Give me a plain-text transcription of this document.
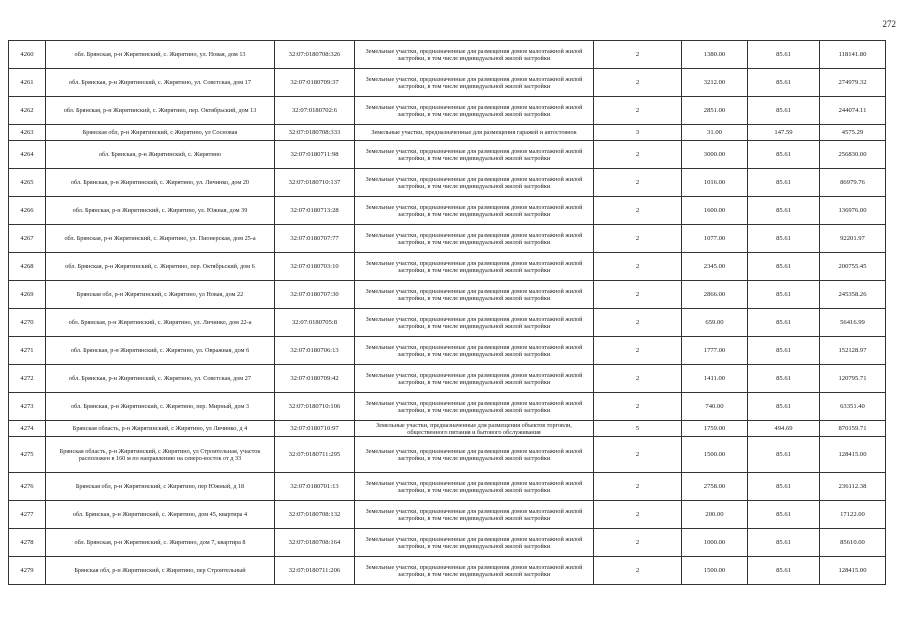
272
4260	обл. Брянская, р-н Жирятинский, с. Жирятино, ул. Новая, дом 13	32:07:0180708:326	Земельные участки, предназначенные для размещения домов малоэтажной жилой застройки, в том числе индивидуальной жилой застройки	2	1380.00	85.61	118141.80
4261	обл. Брянская, р-н Жирятинский, с. Жирятино, ул. Советская, дом 17	32:07:0180709:37	Земельные участки, предназначенные для размещения домов малоэтажной жилой застройки, в том числе индивидуальной жилой застройки	2	3212.00	85.61	274979.32
4262	обл. Брянская, р-н Жирятинский, с. Жирятино, пер. Октябрьский, дом 13	32:07:0180702:6	Земельные участки, предназначенные для размещения домов малоэтажной жилой застройки, в том числе индивидуальной жилой застройки	2	2851.00	85.61	244074.11
4263	Брянская обл, р-н Жирятинский, с Жирятино, ул Сосновая	32:07:0180708:333	Земельные участки, предназначенные для размещения гаражей и автостоянок	3	31.00	147.59	4575.29
4264	обл. Брянская, р-н Жирятинский, с. Жирятино	32:07:0180711:98	Земельные участки, предназначенные для размещения домов малоэтажной жилой застройки, в том числе индивидуальной жилой застройки	2	3000.00	85.61	256830.00
4265	обл. Брянская, р-н Жирятинский, с. Жирятино, ул. Личинко, дом 20	32:07:0180710:137	Земельные участки, предназначенные для размещения домов малоэтажной жилой застройки, в том числе индивидуальной жилой застройки	2	1016.00	85.61	86979.76
4266	обл. Брянская, р-н Жирятинский, с. Жирятино, ул. Южная, дом 39	32:07:0180713:28	Земельные участки, предназначенные для размещения домов малоэтажной жилой застройки, в том числе индивидуальной жилой застройки	2	1600.00	85.61	136976.00
4267	обл. Брянская, р-н Жирятинский, с. Жирятино, ул. Пионерская, дом 25-а	32:07:0180707:77	Земельные участки, предназначенные для размещения домов малоэтажной жилой застройки, в том числе индивидуальной жилой застройки	2	1077.00	85.61	92201.97
4268	обл. Брянская, р-н Жирятинский, с. Жирятино, пер. Октябрьский, дом 6	32:07:0180703:10	Земельные участки, предназначенные для размещения домов малоэтажной жилой застройки, в том числе индивидуальной жилой застройки	2	2345.00	85.61	200755.45
4269	Брянская обл, р-н Жирятинский, с Жирятино, ул Новая, дом 22	32:07:0180707:30	Земельные участки, предназначенные для размещения домов малоэтажной жилой застройки, в том числе индивидуальной жилой застройки	2	2866.00	85.61	245358.26
4270	обл. Брянская, р-н Жирятинский, с. Жирятино, ул. Личинко, дом 22-а	32:07:0180705:8	Земельные участки, предназначенные для размещения домов малоэтажной жилой застройки, в том числе индивидуальной жилой застройки	2	659.00	85.61	56416.99
4271	обл. Брянская, р-н Жирятинский, с. Жирятино, ул. Овражная, дом 6	32:07:0180706:13	Земельные участки, предназначенные для размещения домов малоэтажной жилой застройки, в том числе индивидуальной жилой застройки	2	1777.00	85.61	152128.97
4272	обл. Брянская, р-н Жирятинский, с. Жирятино, ул. Советская, дом 27	32:07:0180709:42	Земельные участки, предназначенные для размещения домов малоэтажной жилой застройки, в том числе индивидуальной жилой застройки	2	1411.00	85.61	120795.71
4273	обл. Брянская, р-н Жирятинский, с. Жирятино, пер. Мирный, дом 3	32:07:0180710:106	Земельные участки, предназначенные для размещения домов малоэтажной жилой застройки, в том числе индивидуальной жилой застройки	2	740.00	85.61	63351.40
4274	Брянская область, р-н Жирятинский, с Жирятино, ул Личинко, д 4	32:07:0180710:97	Земельные участки, предназначенные для размещения объектов торговли, общественного питания и бытового обслуживания	5	1759.00	494.69	870159.71
4275	Брянская область, р-н Жирятинский, с Жирятино, ул Строительная, участок расположен в 160 м по направлению на северо-восток от д 33	32:07:0180711:295	Земельные участки, предназначенные для размещения домов малоэтажной жилой застройки, в том числе индивидуальной жилой застройки	2	1500.00	85.61	128415.00
4276	Брянская обл, р-н Жирятинский, с Жирятино, пер Южный, д 18	32:07:0180701:13	Земельные участки, предназначенные для размещения домов малоэтажной жилой застройки, в том числе индивидуальной жилой застройки	2	2758.00	85.61	236112.38
4277	обл. Брянская, р-н Жирятинский, с. Жирятино, дом 45, квартира 4	32:07:0180708:132	Земельные участки, предназначенные для размещения домов малоэтажной жилой застройки, в том числе индивидуальной жилой застройки	2	200.00	85.61	17122.00
4278	обл. Брянская, р-н Жирятинский, с. Жирятино, дом 7, квартира 8	32:07:0180708:164	Земельные участки, предназначенные для размещения домов малоэтажной жилой застройки, в том числе индивидуальной жилой застройки	2	1000.00	85.61	85610.00
4279	Брянская обл, р-н Жирятинский, с Жирятино, пер Строительный	32:07:0180711:206	Земельные участки, предназначенные для размещения домов малоэтажной жилой застройки, в том числе индивидуальной жилой застройки	2	1500.00	85.61	128415.00
